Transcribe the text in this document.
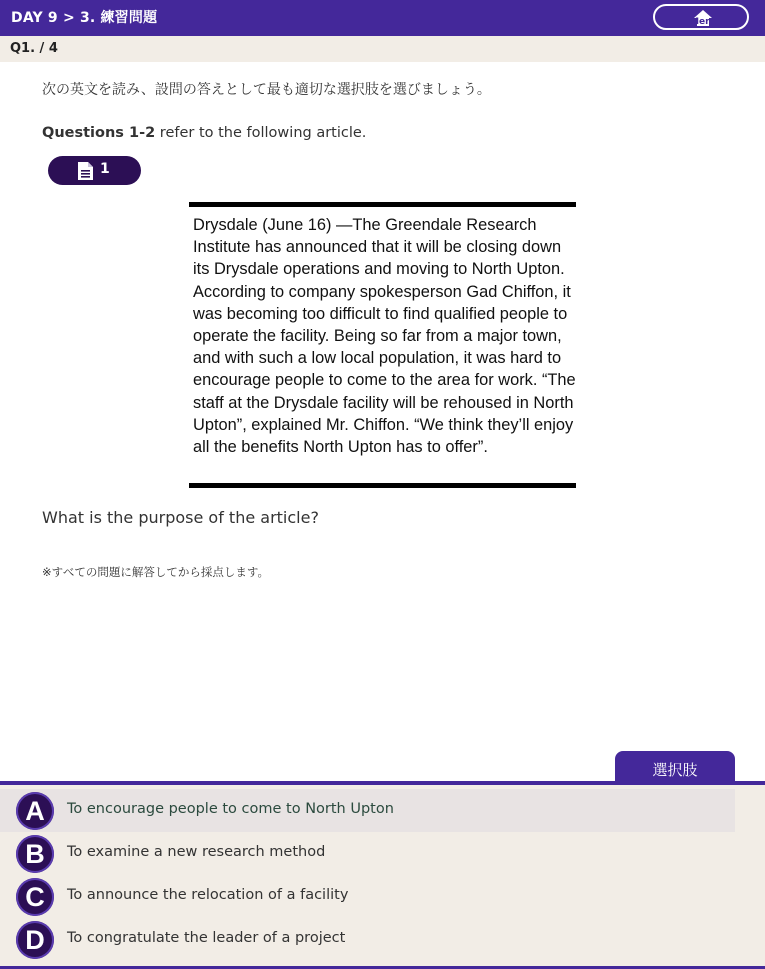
DAY 9 > 3. 練習問題	Menu
Q1. / 4
次の英文を読み、設問の答えとして最も適切な選択肢を選びましょう。
Questions 1-2 refer to the following article.
1

Drysdale (June 16) —The Greendale Research Institute has announced that it will be closing down its Drysdale operations and moving to North Upton. According to company spokesperson Gad Chiffon, it was becoming too difficult to find qualified people to operate the facility. Being so far from a major town, and with such a low local population, it was hard to encourage people to come to the area for work. “The staff at the Drysdale facility will be rehoused in North Upton”, explained Mr. Chiffon. “We think they’ll enjoy all the benefits North Upton has to offer”.

What is the purpose of the article?
※すべての問題に解答してから採点します。
選択肢
A	To encourage people to come to North Upton
B	To examine a new research method
C	To announce the relocation of a facility
D	To congratulate the leader of a project
